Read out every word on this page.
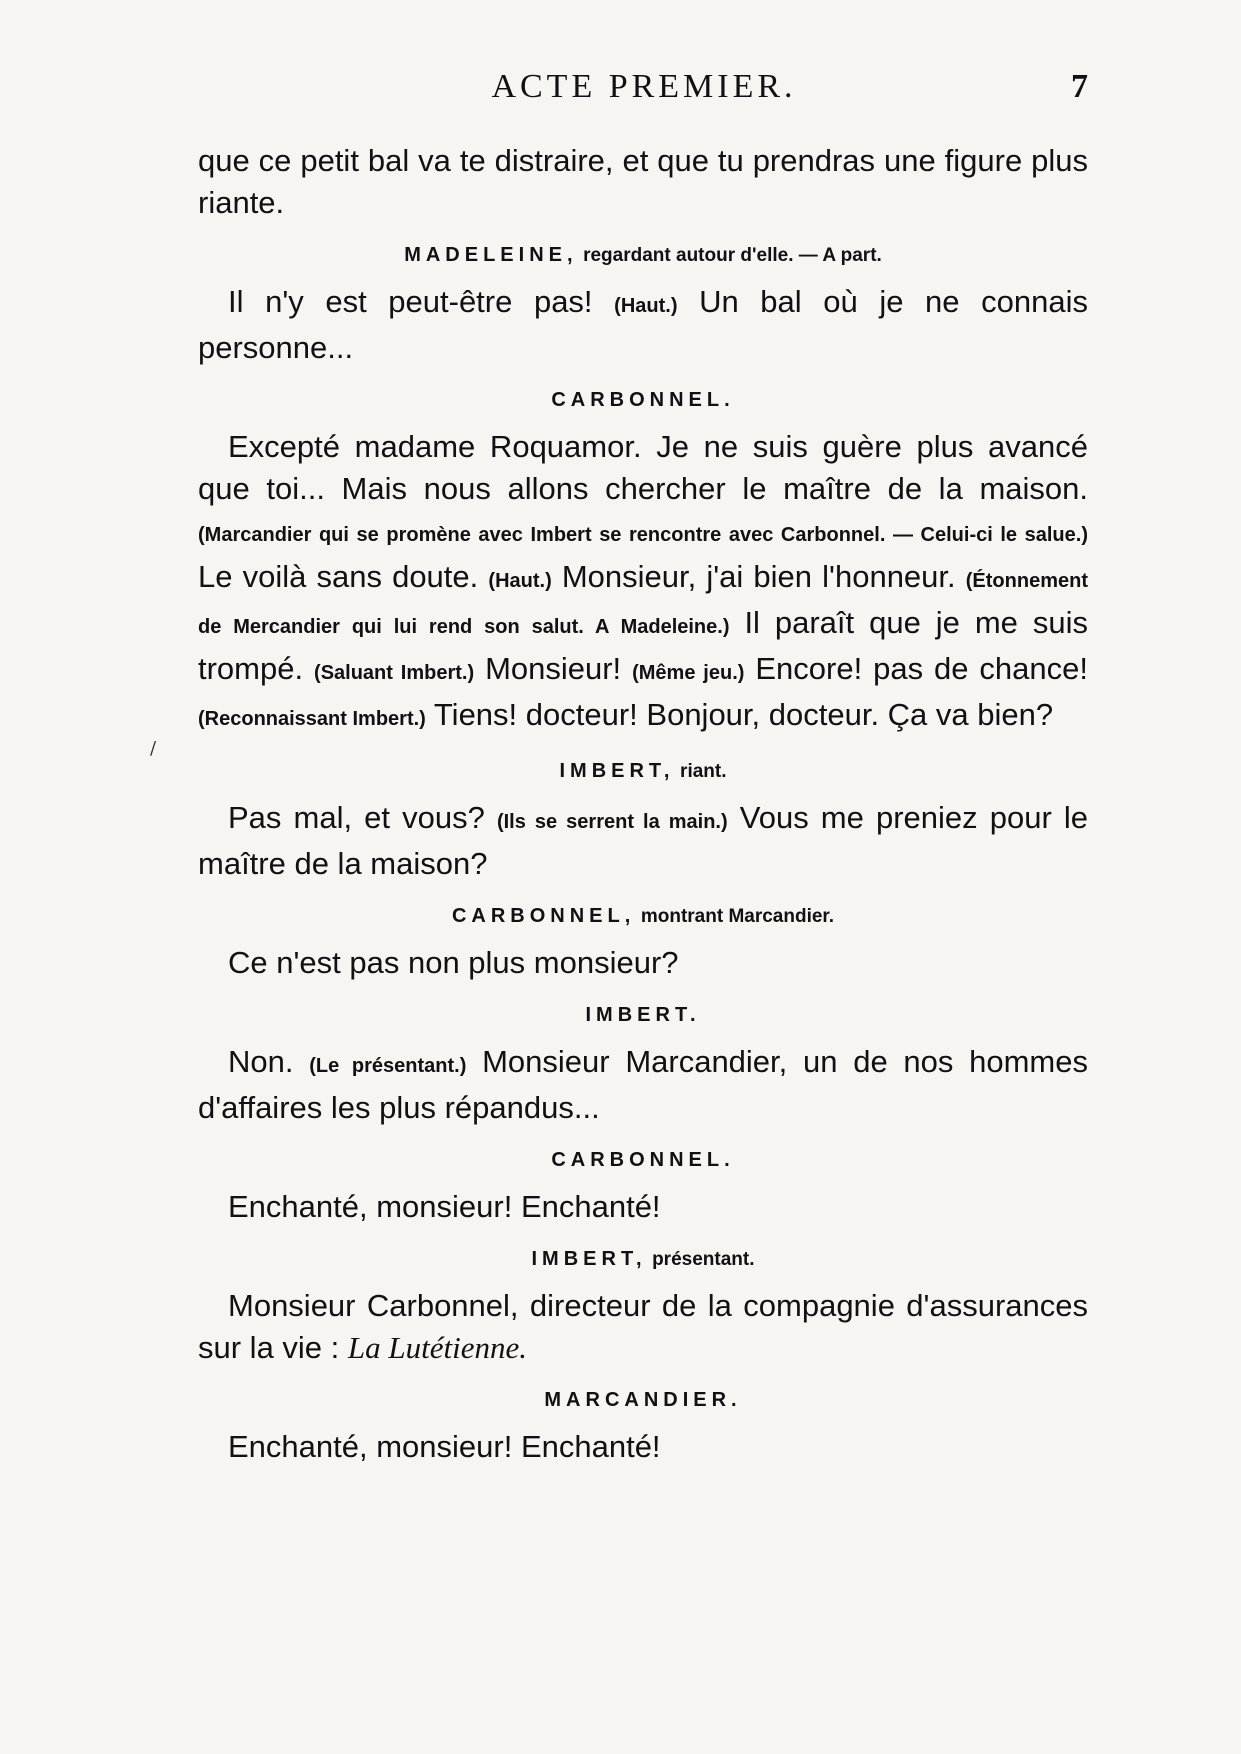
ACTE PREMIER.	7
/

que ce petit bal va te distraire, et que tu prendras une figure plus riante.

MADELEINE, regardant autour d'elle. — A part.

Il n'y est peut-être pas! (Haut.) Un bal où je ne connais personne...

CARBONNEL.

Excepté madame Roquamor. Je ne suis guère plus avancé que toi... Mais nous allons chercher le maître de la maison. (Marcandier qui se promène avec Imbert se rencontre avec Carbonnel. — Celui-ci le salue.) Le voilà sans doute. (Haut.) Monsieur, j'ai bien l'honneur. (Étonnement de Mercandier qui lui rend son salut. A Madeleine.) Il paraît que je me suis trompé. (Saluant Imbert.) Monsieur! (Même jeu.) Encore! pas de chance! (Reconnaissant Imbert.) Tiens! docteur! Bonjour, docteur. Ça va bien?

IMBERT, riant.

Pas mal, et vous? (Ils se serrent la main.) Vous me preniez pour le maître de la maison?

CARBONNEL, montrant Marcandier.

Ce n'est pas non plus monsieur?

IMBERT.

Non. (Le présentant.) Monsieur Marcandier, un de nos hommes d'affaires les plus répandus...

CARBONNEL.

Enchanté, monsieur! Enchanté!

IMBERT, présentant.

Monsieur Carbonnel, directeur de la compagnie d'assurances sur la vie : La Lutétienne.

MARCANDIER.

Enchanté, monsieur! Enchanté!
